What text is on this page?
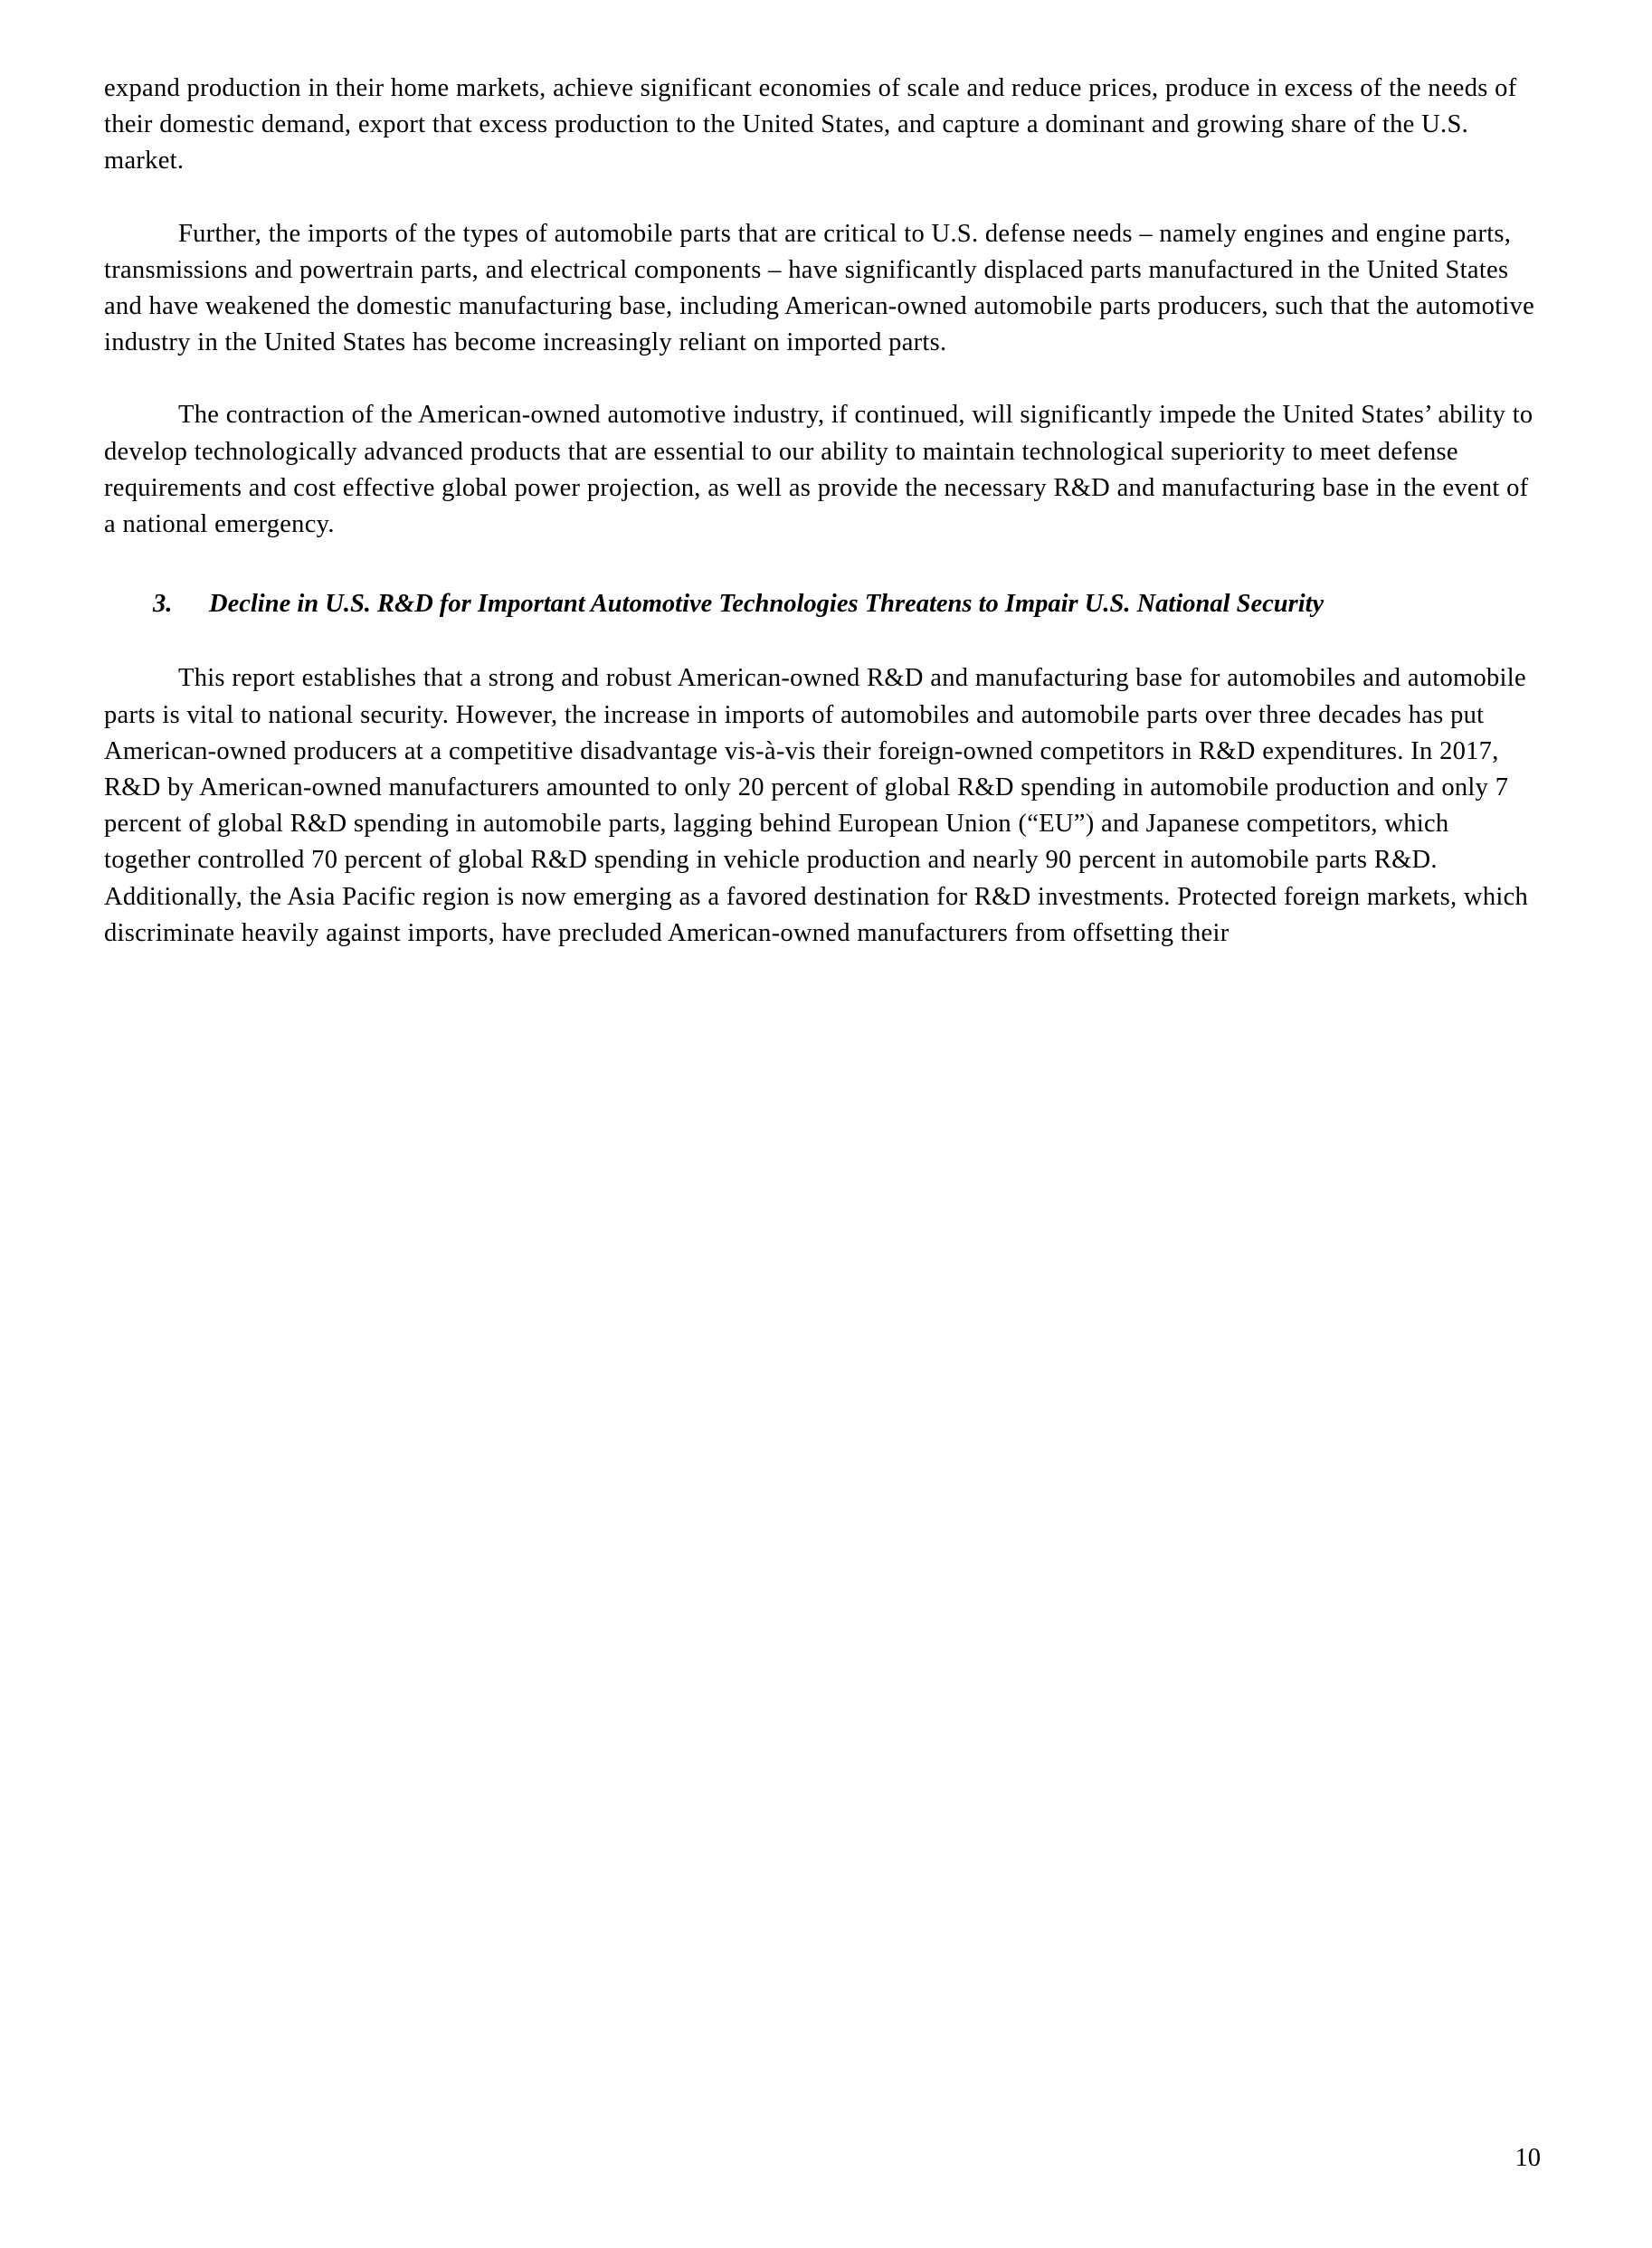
expand production in their home markets, achieve significant economies of scale and reduce prices, produce in excess of the needs of their domestic demand, export that excess production to the United States, and capture a dominant and growing share of the U.S. market.

Further, the imports of the types of automobile parts that are critical to U.S. defense needs – namely engines and engine parts, transmissions and powertrain parts, and electrical components – have significantly displaced parts manufactured in the United States and have weakened the domestic manufacturing base, including American-owned automobile parts producers, such that the automotive industry in the United States has become increasingly reliant on imported parts.

The contraction of the American-owned automotive industry, if continued, will significantly impede the United States’ ability to develop technologically advanced products that are essential to our ability to maintain technological superiority to meet defense requirements and cost effective global power projection, as well as provide the necessary R&D and manufacturing base in the event of a national emergency.

3.	Decline in U.S. R&D for Important Automotive Technologies Threatens to Impair U.S. National Security

This report establishes that a strong and robust American-owned R&D and manufacturing base for automobiles and automobile parts is vital to national security. However, the increase in imports of automobiles and automobile parts over three decades has put American-owned producers at a competitive disadvantage vis-à-vis their foreign-owned competitors in R&D expenditures. In 2017, R&D by American-owned manufacturers amounted to only 20 percent of global R&D spending in automobile production and only 7 percent of global R&D spending in automobile parts, lagging behind European Union (“EU”) and Japanese competitors, which together controlled 70 percent of global R&D spending in vehicle production and nearly 90 percent in automobile parts R&D. Additionally, the Asia Pacific region is now emerging as a favored destination for R&D investments. Protected foreign markets, which discriminate heavily against imports, have precluded American-owned manufacturers from offsetting their

10
